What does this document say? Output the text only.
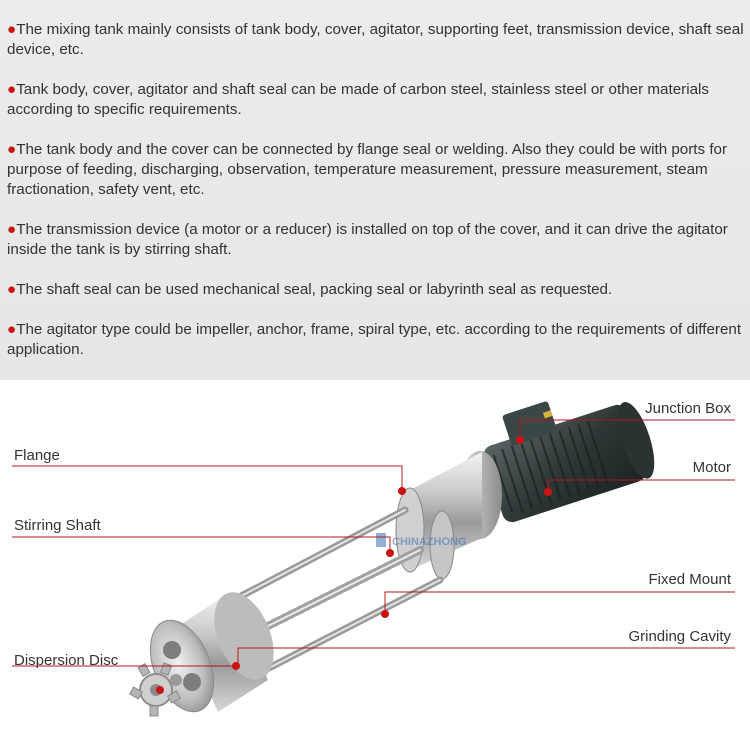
●The mixing tank mainly consists of tank body, cover, agitator, supporting feet, transmission device, shaft seal device, etc.
●Tank body, cover, agitator and shaft seal can be made of carbon steel, stainless steel or other materials according to specific requirements.
●The tank body and the cover can be connected by flange seal or welding. Also they could be with ports for purpose of feeding, discharging, observation, temperature measurement, pressure measurement, steam fractionation, safety vent, etc.
●The transmission device (a motor or a reducer) is installed on top of the cover, and it can drive the agitator inside the tank is by stirring shaft.
●The shaft seal can be used mechanical seal, packing seal or labyrinth seal as requested.
●The agitator type could be impeller, anchor, frame, spiral type, etc. according to the requirements of different application.
CHINAZHONG
Flange
Stirring Shaft
Dispersion Disc
Junction Box
Motor
Fixed Mount
Grinding Cavity
